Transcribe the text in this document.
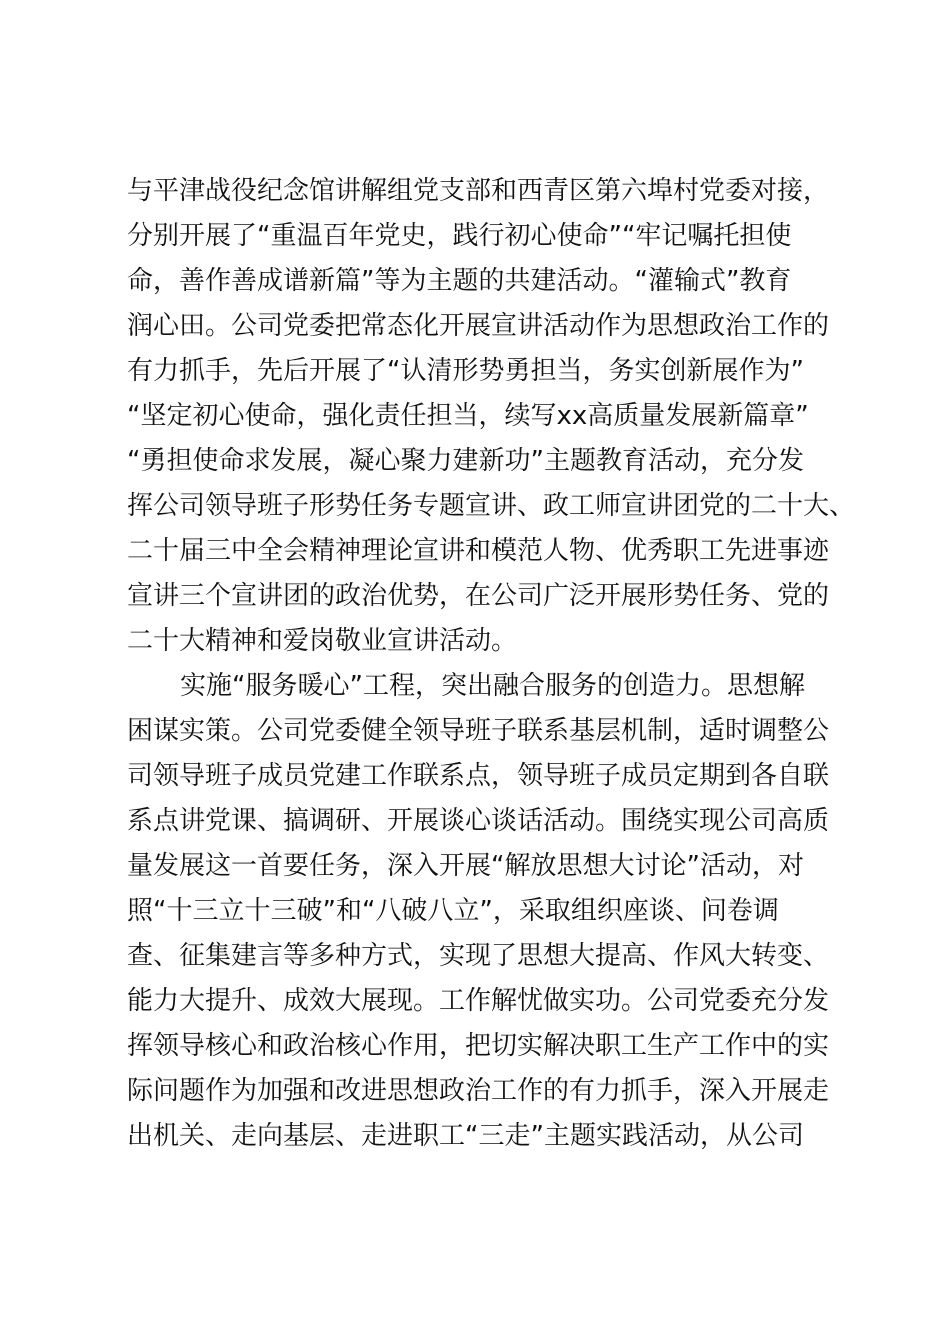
与平津战役纪念馆讲解组党支部和西青区第六埠村党委对接，
分别开展了“重温百年党史，践行初心使命”“牢记嘱托担使
命，善作善成谱新篇”等为主题的共建活动。“灌输式”教育
润心田。公司党委把常态化开展宣讲活动作为思想政治工作的
有力抓手，先后开展了“认清形势勇担当，务实创新展作为”
“坚定初心使命，强化责任担当，续写xx高质量发展新篇章”
“勇担使命求发展，凝心聚力建新功”主题教育活动，充分发
挥公司领导班子形势任务专题宣讲、政工师宣讲团党的二十大、
二十届三中全会精神理论宣讲和模范人物、优秀职工先进事迹
宣讲三个宣讲团的政治优势，在公司广泛开展形势任务、党的
二十大精神和爱岗敬业宣讲活动。
实施“服务暖心”工程，突出融合服务的创造力。思想解
困谋实策。公司党委健全领导班子联系基层机制，适时调整公
司领导班子成员党建工作联系点，领导班子成员定期到各自联
系点讲党课、搞调研、开展谈心谈话活动。围绕实现公司高质
量发展这一首要任务，深入开展“解放思想大讨论”活动，对
照“十三立十三破”和“八破八立”，采取组织座谈、问卷调
查、征集建言等多种方式，实现了思想大提高、作风大转变、
能力大提升、成效大展现。工作解忧做实功。公司党委充分发
挥领导核心和政治核心作用，把切实解决职工生产工作中的实
际问题作为加强和改进思想政治工作的有力抓手，深入开展走
出机关、走向基层、走进职工“三走”主题实践活动，从公司
